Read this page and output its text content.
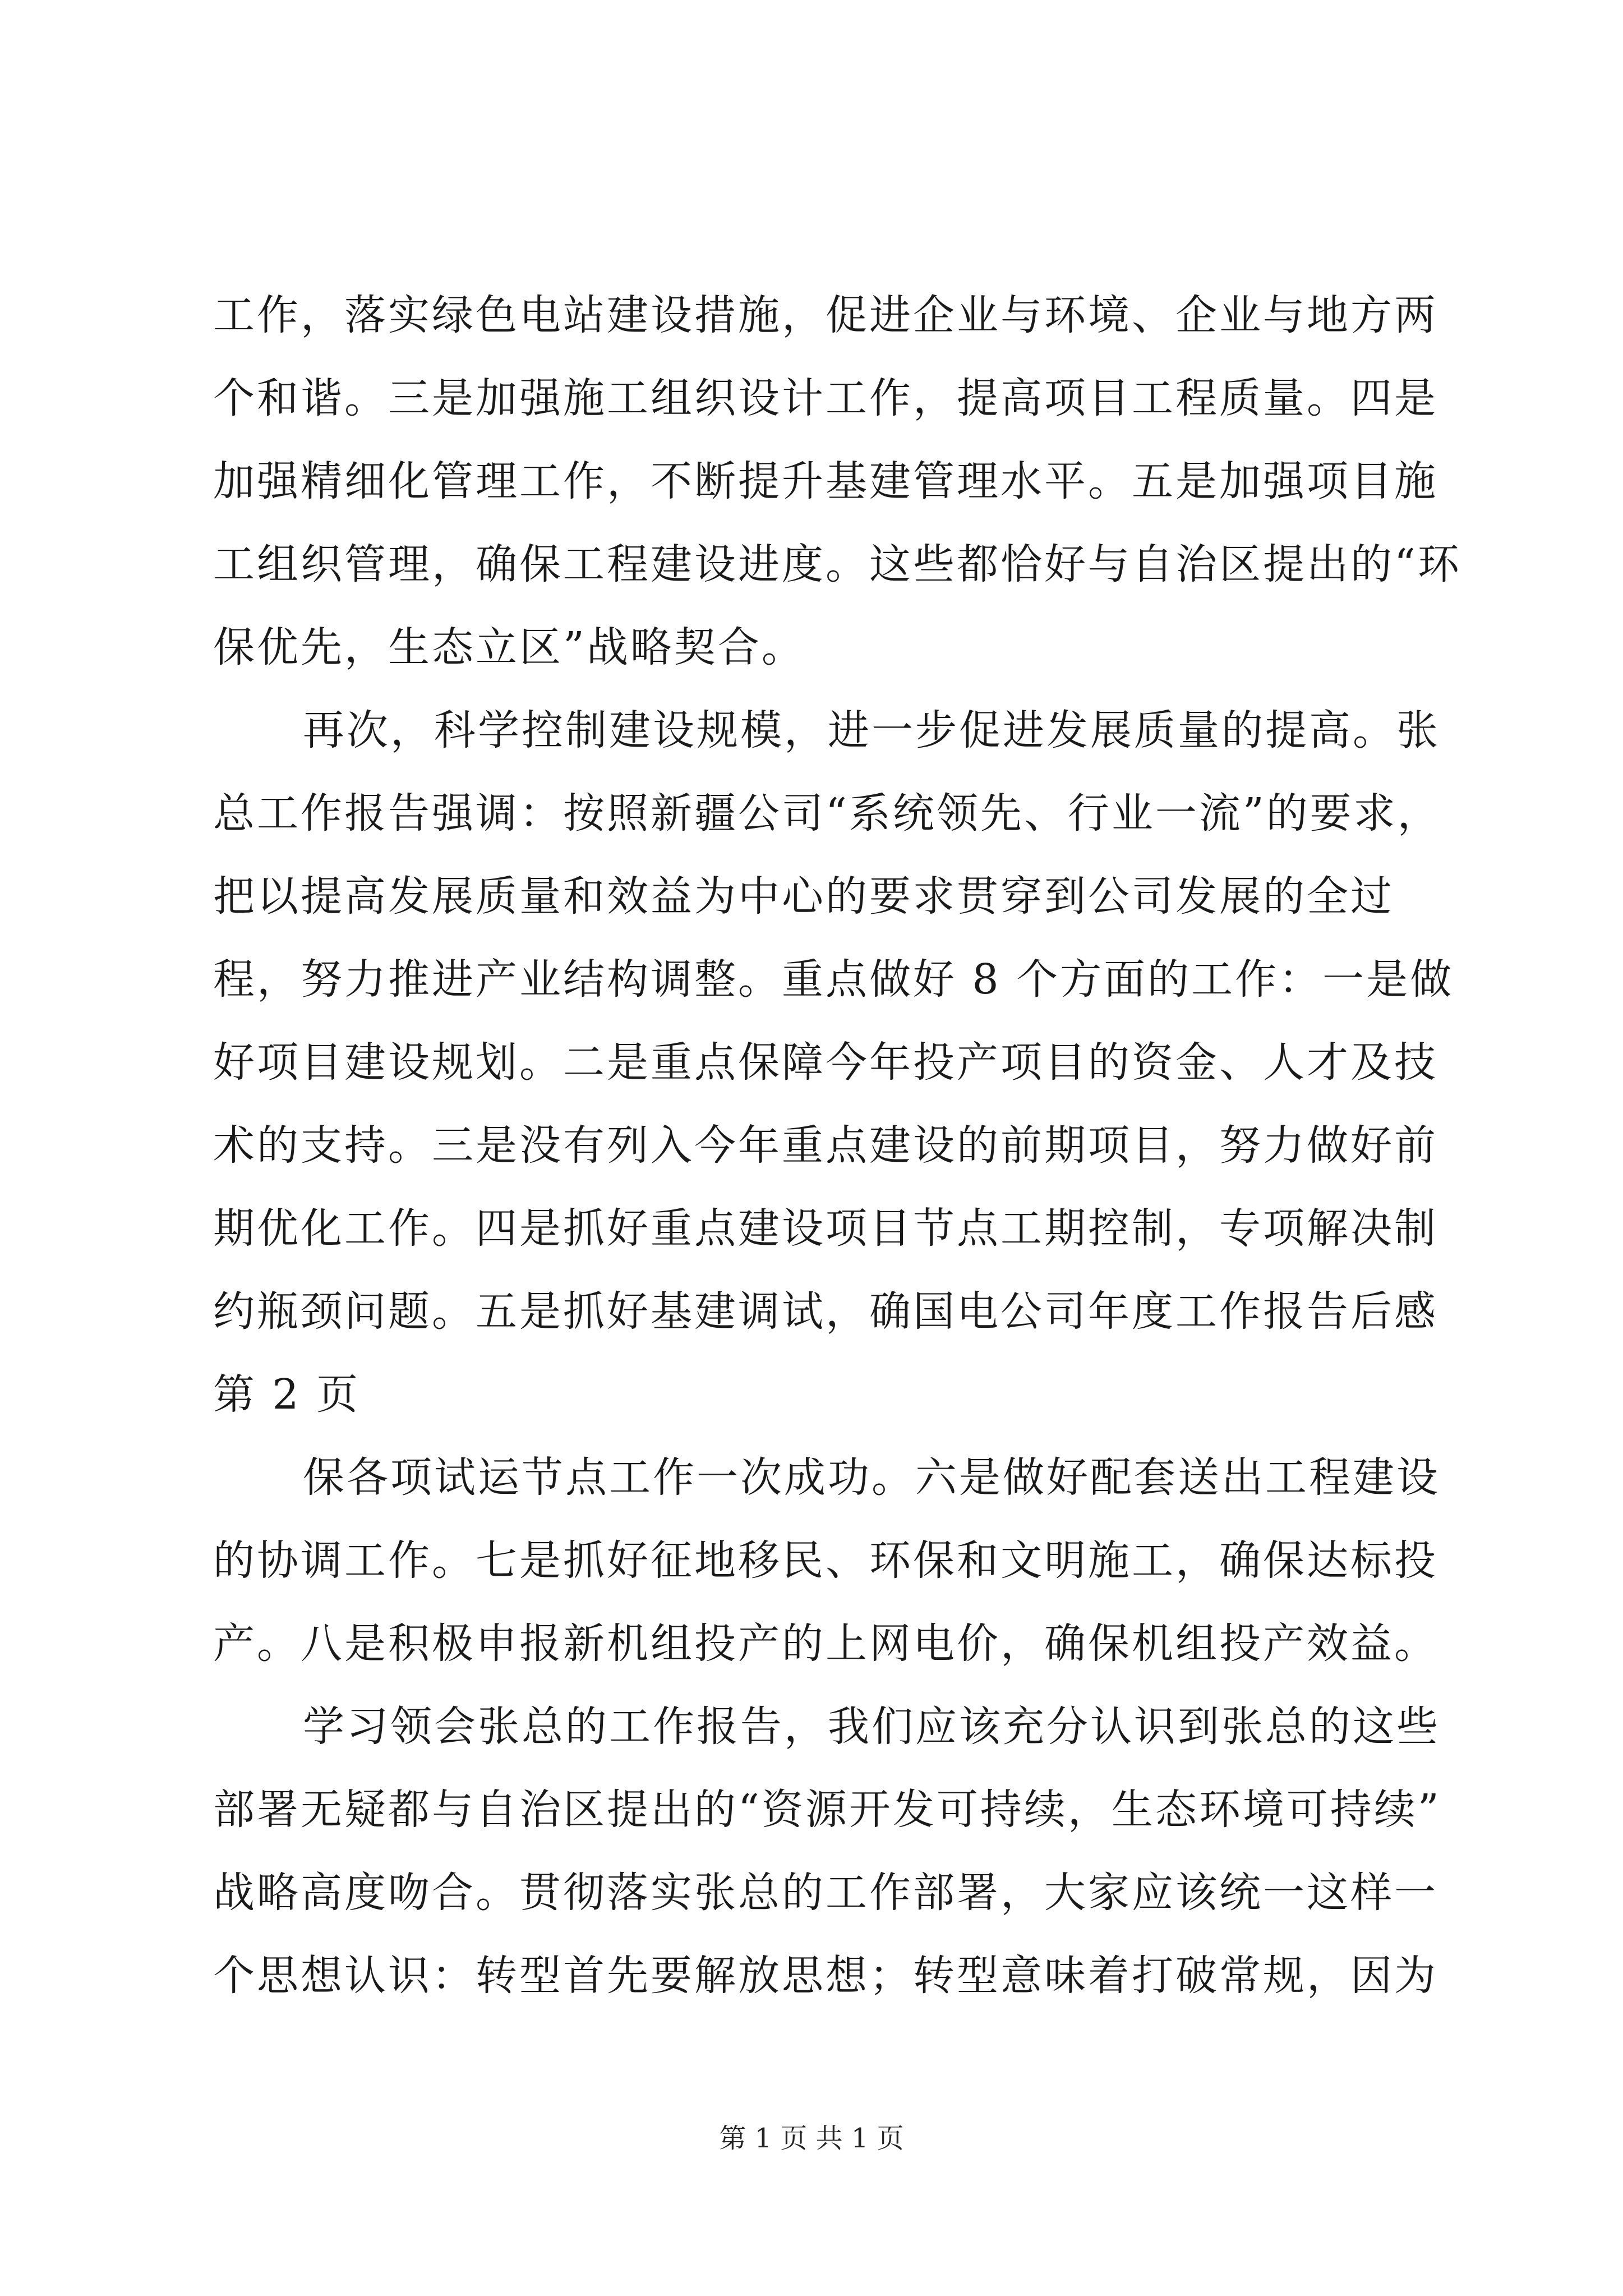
工作，落实绿色电站建设措施，促进企业与环境、企业与地方两
个和谐。三是加强施工组织设计工作，提高项目工程质量。四是
加强精细化管理工作，不断提升基建管理水平。五是加强项目施
工组织管理，确保工程建设进度。这些都恰好与自治区提出的“环
保优先，生态立区”战略契合。
再次，科学控制建设规模，进一步促进发展质量的提高。张
总工作报告强调：按照新疆公司“系统领先、行业一流”的要求，
把以提高发展质量和效益为中心的要求贯穿到公司发展的全过
程，努力推进产业结构调整。重点做好 8 个方面的工作：一是做
好项目建设规划。二是重点保障今年投产项目的资金、人才及技
术的支持。三是没有列入今年重点建设的前期项目，努力做好前
期优化工作。四是抓好重点建设项目节点工期控制，专项解决制
约瓶颈问题。五是抓好基建调试，确国电公司年度工作报告后感
第 2 页
保各项试运节点工作一次成功。六是做好配套送出工程建设
的协调工作。七是抓好征地移民、环保和文明施工，确保达标投
产。八是积极申报新机组投产的上网电价，确保机组投产效益。
学习领会张总的工作报告，我们应该充分认识到张总的这些
部署无疑都与自治区提出的“资源开发可持续，生态环境可持续”
战略高度吻合。贯彻落实张总的工作部署，大家应该统一这样一
个思想认识：转型首先要解放思想；转型意味着打破常规，因为
第 1 页 共 1 页
